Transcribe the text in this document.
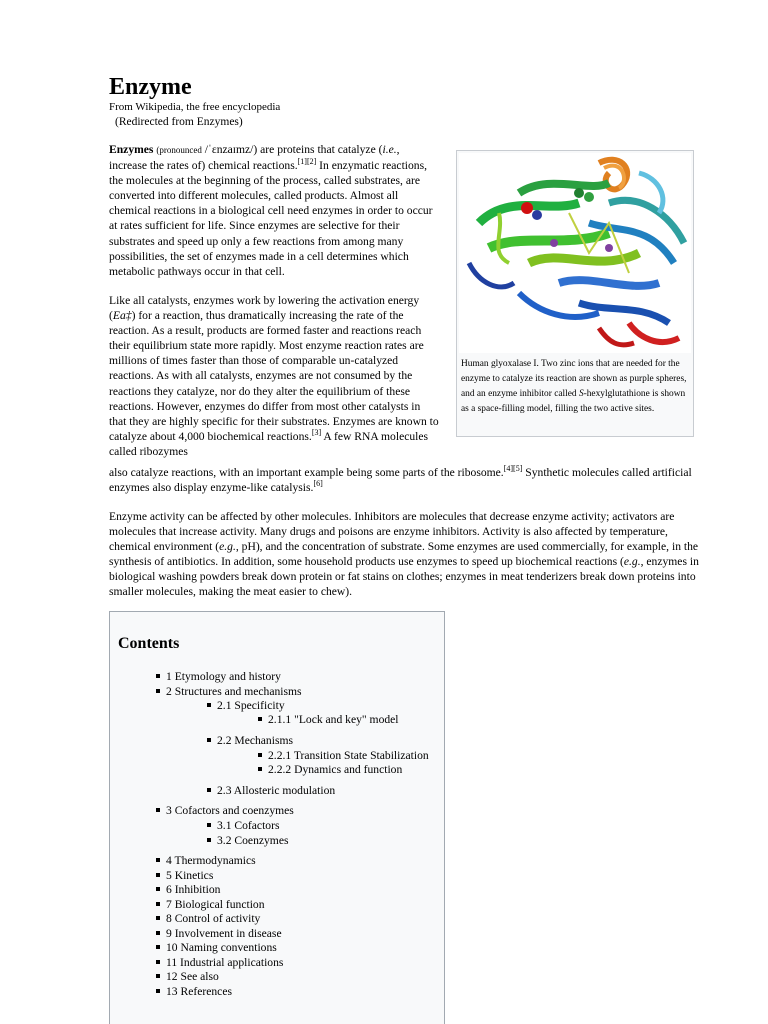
Enzyme
From Wikipedia, the free encyclopedia
(Redirected from Enzymes)

Enzymes (pronounced /ˈɛnzaɪmz/) are proteins that catalyze (i.e., increase the rates of) chemical reactions.[1][2] In enzymatic reactions, the molecules at the beginning of the process, called substrates, are converted into different molecules, called products. Almost all chemical reactions in a biological cell need enzymes in order to occur at rates sufficient for life. Since enzymes are selective for their substrates and speed up only a few reactions from among many possibilities, the set of enzymes made in a cell determines which metabolic pathways occur in that cell.

Like all catalysts, enzymes work by lowering the activation energy (Ea‡) for a reaction, thus dramatically increasing the rate of the reaction. As a result, products are formed faster and reactions reach their equilibrium state more rapidly. Most enzyme reaction rates are millions of times faster than those of comparable un-catalyzed reactions. As with all catalysts, enzymes are not consumed by the reactions they catalyze, nor do they alter the equilibrium of these reactions. However, enzymes do differ from most other catalysts in that they are highly specific for their substrates. Enzymes are known to catalyze about 4,000 biochemical reactions.[3] A few RNA molecules called ribozymes

also catalyze reactions, with an important example being some parts of the ribosome.[4][5] Synthetic molecules called artificial enzymes also display enzyme-like catalysis.[6]

Enzyme activity can be affected by other molecules. Inhibitors are molecules that decrease enzyme activity; activators are molecules that increase activity. Many drugs and poisons are enzyme inhibitors. Activity is also affected by temperature, chemical environment (e.g., pH), and the concentration of substrate. Some enzymes are used commercially, for example, in the synthesis of antibiotics. In addition, some household products use enzymes to speed up biochemical reactions (e.g., enzymes in biological washing powders break down protein or fat stains on clothes; enzymes in meat tenderizers break down proteins into smaller molecules, making the meat easier to chew).

Human glyoxalase I. Two zinc ions that are needed for the enzyme to catalyze its reaction are shown as purple spheres, and an enzyme inhibitor called S-hexylglutathione is shown as a space-filling model, filling the two active sites.

Contents
1 Etymology and history
2 Structures and mechanisms
2.1 Specificity
2.1.1 "Lock and key" model
2.2 Mechanisms
2.2.1 Transition State Stabilization
2.2.2 Dynamics and function
2.3 Allosteric modulation
3 Cofactors and coenzymes
3.1 Cofactors
3.2 Coenzymes
4 Thermodynamics
5 Kinetics
6 Inhibition
7 Biological function
8 Control of activity
9 Involvement in disease
10 Naming conventions
11 Industrial applications
12 See also
13 References
